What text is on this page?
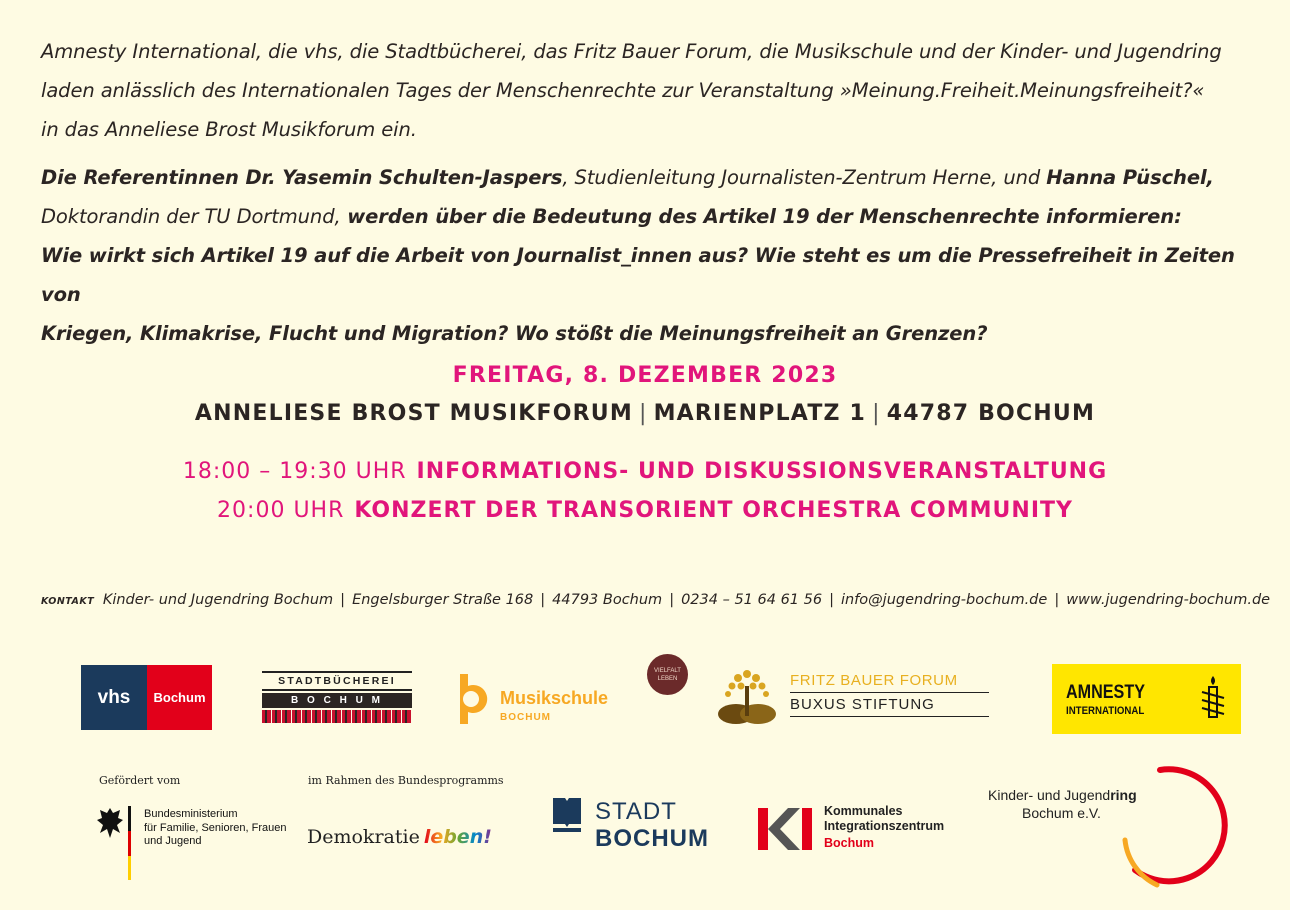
Amnesty International, die vhs, die Stadtbücherei, das Fritz Bauer Forum, die Musikschule und der Kinder- und Jugendring
laden anlässlich des Internationalen Tages der Menschenrechte zur Veranstaltung »Meinung.Freiheit.Meinungsfreiheit?«
in das Anneliese Brost Musikforum ein.
Die Referentinnen Dr. Yasemin Schulten-Jaspers, Studienleitung Journalisten-Zentrum Herne, und Hanna Püschel,
Doktorandin der TU Dortmund, werden über die Bedeutung des Artikel 19 der Menschenrechte informieren:
Wie wirkt sich Artikel 19 auf die Arbeit von Journalist_innen aus? Wie steht es um die Pressefreiheit in Zeiten von
Kriegen, Klimakrise, Flucht und Migration? Wo stößt die Meinungsfreiheit an Grenzen?
FREITAG, 8. DEZEMBER 2023
ANNELIESE BROST MUSIKFORUM | MARIENPLATZ 1 | 44787 BOCHUM
18:00 – 19:30 UHR INFORMATIONS- UND DISKUSSIONSVERANSTALTUNG
20:00 UHR KONZERT DER TRANSORIENT ORCHESTRA COMMUNITY
KONTAKT Kinder- und Jugendring Bochum | Engelsburger Straße 168 | 44793 Bochum | 0234 – 51 64 61 56 | info@jugendring-bochum.de | www.jugendring-bochum.de
vhs	Bochum
STADTBÜCHEREI
B O C H U M	Musikschule
BOCHUM
VIELFALT LEBEN	FRITZ BAUER FORUM
BUXUS STIFTUNG
AMNESTY
INTERNATIONAL
Gefördert vom
Bundesministerium
für Familie, Senioren, Frauen
und Jugend
im Rahmen des Bundesprogramms
Demokratie leben!
STADT
BOCHUM
Kommunales
Integrationszentrum
Bochum
Kinder- und Jugendring
Bochum e.V.
